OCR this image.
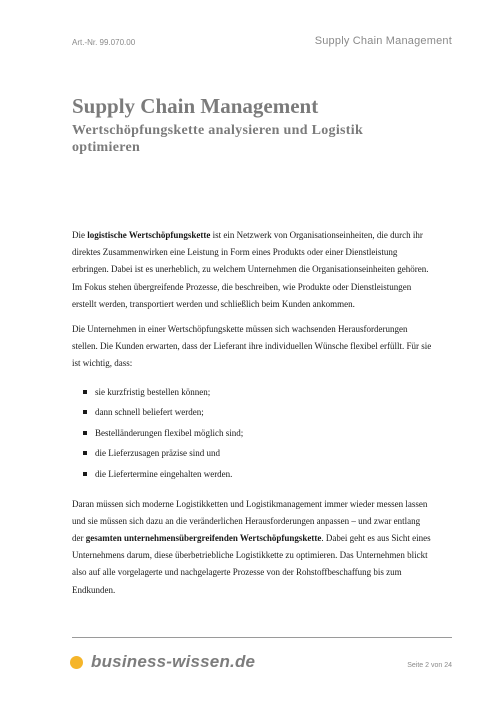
Art.-Nr. 99.070.00	Supply Chain Management
Supply Chain Management
Wertschöpfungskette analysieren und Logistik optimieren

Die logistische Wertschöpfungskette ist ein Netzwerk von Organisationseinheiten, die durch ihr direktes Zusammenwirken eine Leistung in Form eines Produkts oder einer Dienstleistung erbringen. Dabei ist es unerheblich, zu welchem Unternehmen die Organisationseinheiten gehören. Im Fokus stehen übergreifende Prozesse, die beschreiben, wie Produkte oder Dienstleistungen erstellt werden, transportiert werden und schließlich beim Kunden ankommen.

Die Unternehmen in einer Wertschöpfungskette müssen sich wachsenden Herausforderungen stellen. Die Kunden erwarten, dass der Lieferant ihre individuellen Wünsche flexibel erfüllt. Für sie ist wichtig, dass:

sie kurzfristig bestellen können;
dann schnell beliefert werden;
Bestelländerungen flexibel möglich sind;
die Lieferzusagen präzise sind und
die Liefertermine eingehalten werden.

Daran müssen sich moderne Logistikketten und Logistikmanagement immer wieder messen lassen und sie müssen sich dazu an die veränderlichen Herausforderungen anpassen – und zwar entlang der gesamten unternehmensübergreifenden Wertschöpfungskette. Dabei geht es aus Sicht eines Unternehmens darum, diese überbetriebliche Logistikkette zu optimieren. Das Unternehmen blickt also auf alle vorgelagerte und nachgelagerte Prozesse von der Rohstoffbeschaffung bis zum Endkunden.

business-wissen.de	Seite 2 von 24
